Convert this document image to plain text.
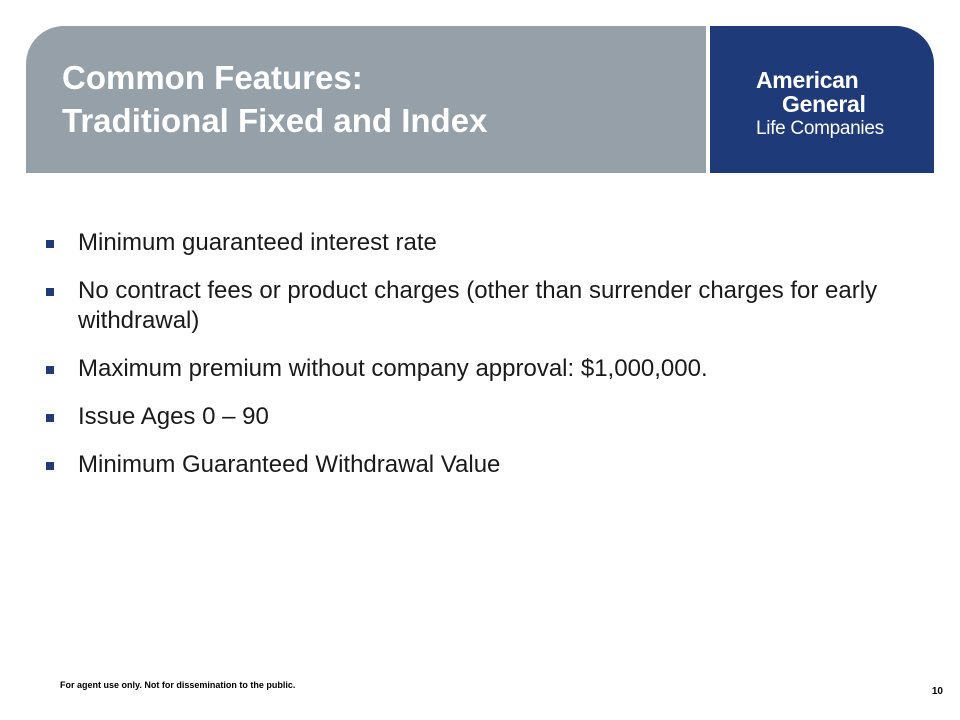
Common Features:
Traditional Fixed and Index
American
General
Life Companies
Minimum guaranteed interest rate
No contract fees or product charges (other than surrender charges for early withdrawal)
Maximum premium without company approval: $1,000,000.
Issue Ages 0 – 90
Minimum Guaranteed Withdrawal Value
For agent use only. Not for dissemination to the public.
10
